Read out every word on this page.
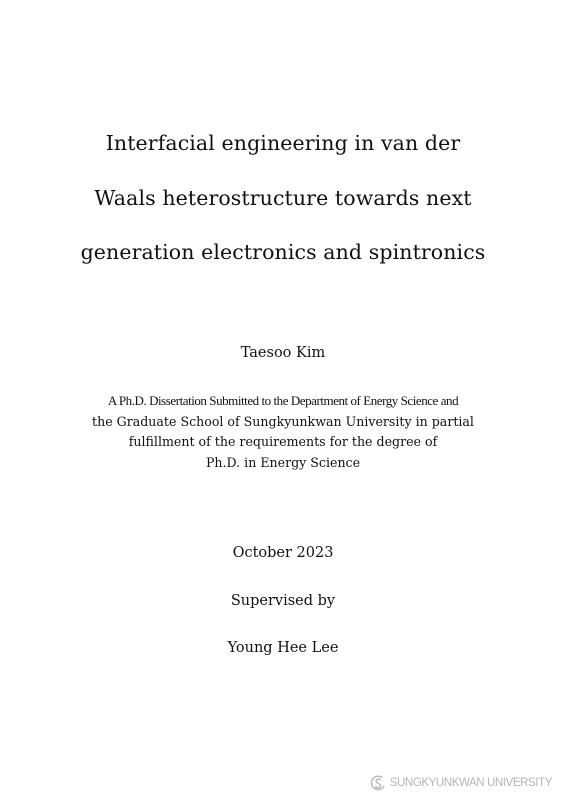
Interfacial engineering in van der
Waals heterostructure towards next
generation electronics and spintronics
Taesoo Kim
A Ph.D. Dissertation Submitted to the Department of Energy Science and
the Graduate School of Sungkyunkwan University in partial
fulfillment of the requirements for the degree of
Ph.D. in Energy Science
October 2023
Supervised by
Young Hee Lee
SUNGKYUNKWAN UNIVERSITY
